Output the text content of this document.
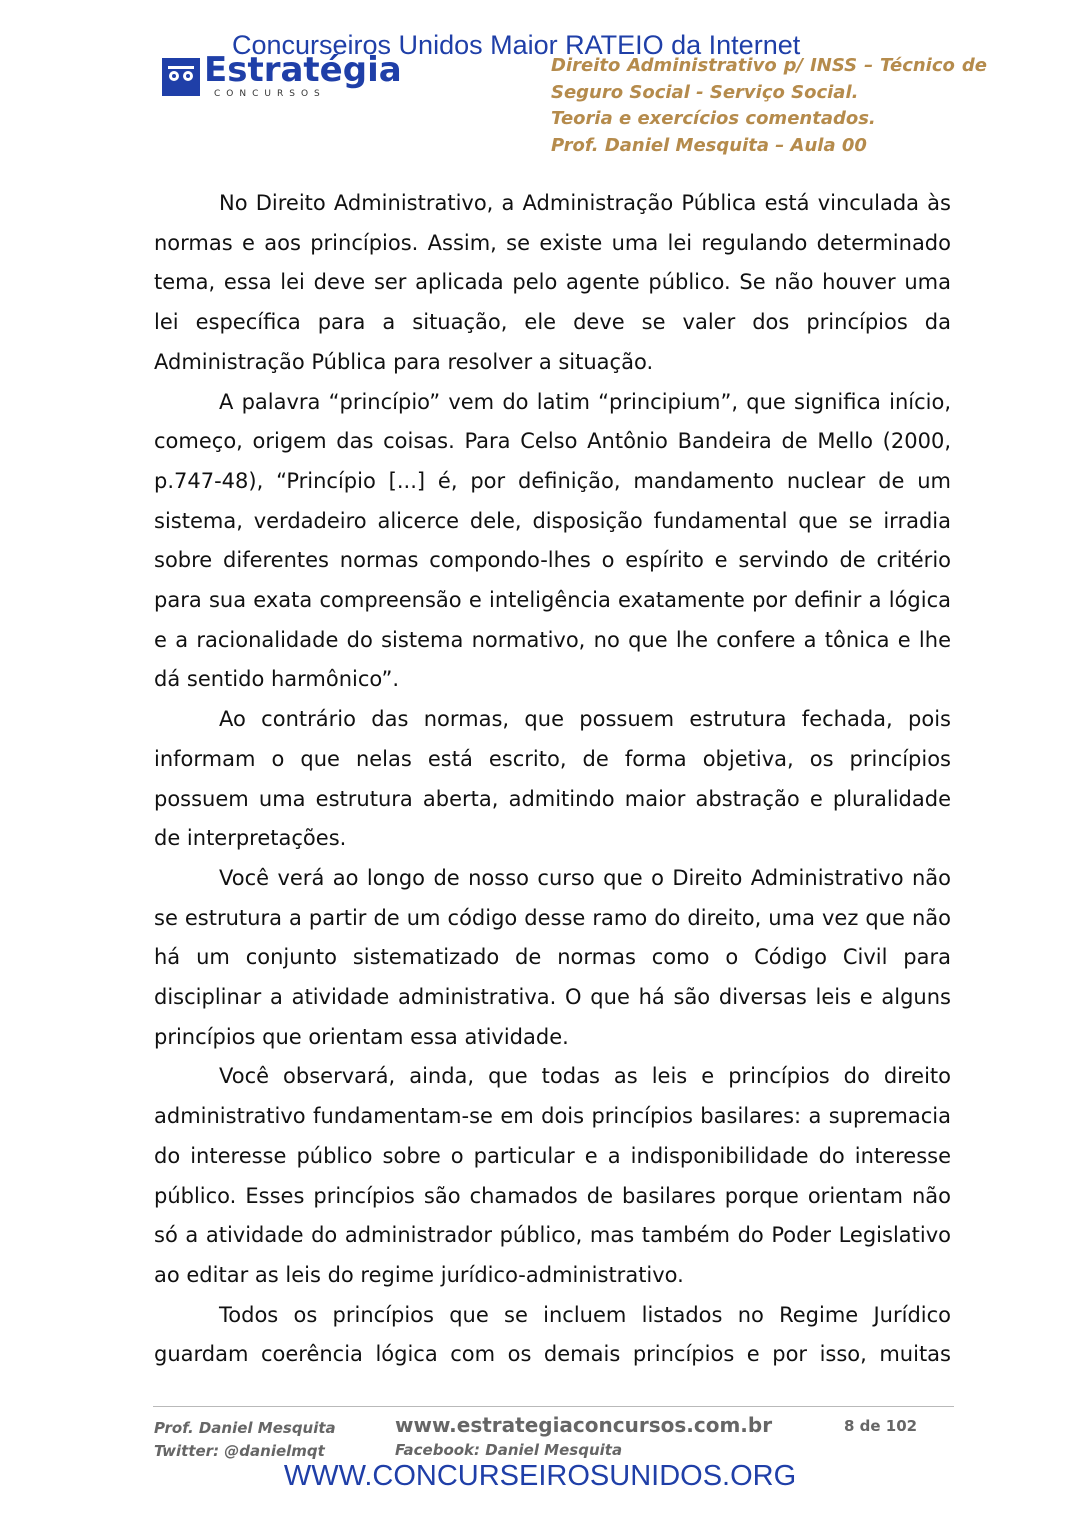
Concurseiros Unidos Maior RATEIO da Internet
Estratégia
CONCURSOS
Direito Administrativo p/ INSS – Técnico de
Seguro Social - Serviço Social.
Teoria e exercícios comentados.
Prof. Daniel Mesquita – Aula 00

No Direito Administrativo, a Administração Pública está vinculada às normas e aos princípios. Assim, se existe uma lei regulando determinado tema, essa lei deve ser aplicada pelo agente público. Se não houver uma lei específica para a situação, ele deve se valer dos princípios da Administração Pública para resolver a situação.

A palavra “princípio” vem do latim “principium”, que significa início, começo, origem das coisas. Para Celso Antônio Bandeira de Mello (2000, p.747-48), “Princípio [...] é, por definição, mandamento nuclear de um sistema, verdadeiro alicerce dele, disposição fundamental que se irradia sobre diferentes normas compondo-lhes o espírito e servindo de critério para sua exata compreensão e inteligência exatamente por definir a lógica e a racionalidade do sistema normativo, no que lhe confere a tônica e lhe dá sentido harmônico”.

Ao contrário das normas, que possuem estrutura fechada, pois informam o que nelas está escrito, de forma objetiva, os princípios possuem uma estrutura aberta, admitindo maior abstração e pluralidade de interpretações.

Você verá ao longo de nosso curso que o Direito Administrativo não se estrutura a partir de um código desse ramo do direito, uma vez que não há um conjunto sistematizado de normas como o Código Civil para disciplinar a atividade administrativa. O que há são diversas leis e alguns princípios que orientam essa atividade.

Você observará, ainda, que todas as leis e princípios do direito administrativo fundamentam-se em dois princípios basilares: a supremacia do interesse público sobre o particular e a indisponibilidade do interesse público. Esses princípios são chamados de basilares porque orientam não só a atividade do administrador público, mas também do Poder Legislativo ao editar as leis do regime jurídico-administrativo.

Todos os princípios que se incluem listados no Regime Jurídico guardam coerência lógica com os demais princípios e por isso, muitas

Prof. Daniel Mesquita
Twitter: @danielmqt
www.estrategiaconcursos.com.br
Facebook: Daniel Mesquita
8 de 102
WWW.CONCURSEIROSUNIDOS.ORG
